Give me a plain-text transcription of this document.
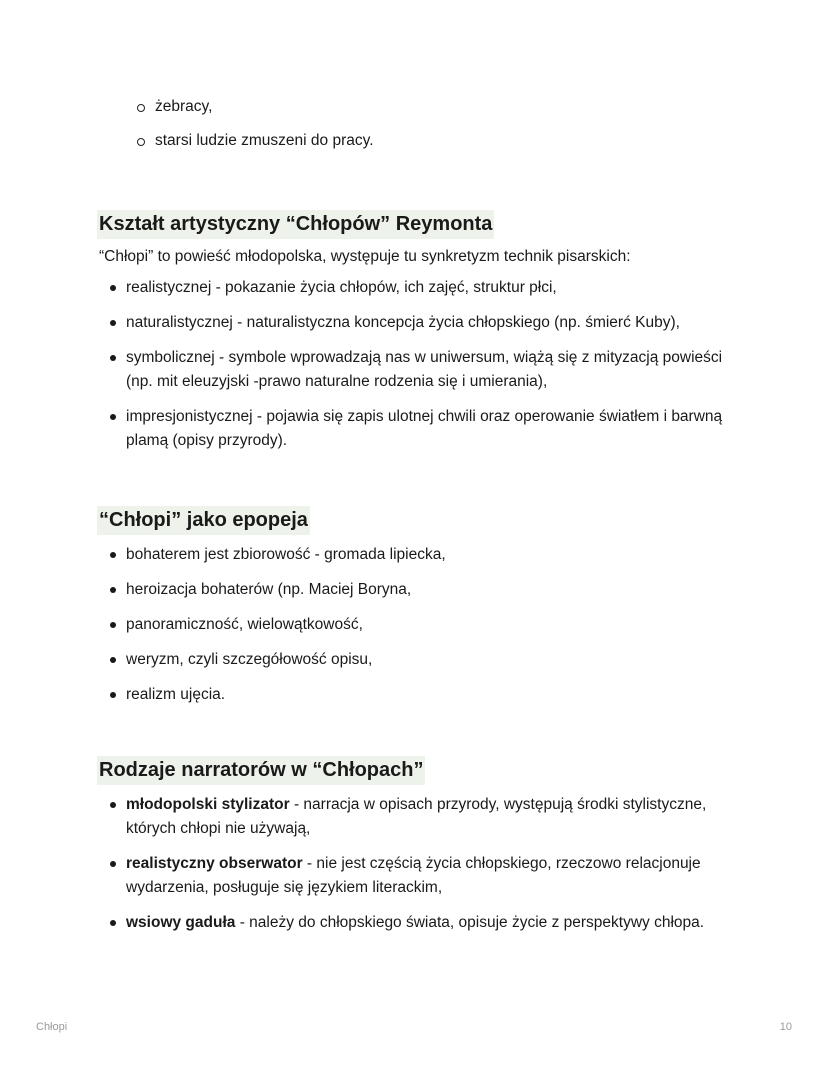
żebracy,
starsi ludzie zmuszeni do pracy.
Kształt artystyczny “Chłopów” Reymonta

“Chłopi” to powieść młodopolska, występuje tu synkretyzm technik pisarskich:

realistycznej - pokazanie życia chłopów, ich zajęć, struktur płci,
naturalistycznej - naturalistyczna koncepcja życia chłopskiego (np. śmierć Kuby),
symbolicznej - symbole wprowadzają nas w uniwersum, wiążą się z mityzacją powieści (np. mit eleuzyjski -prawo naturalne rodzenia się i umierania),
impresjonistycznej - pojawia się zapis ulotnej chwili oraz operowanie światłem i barwną plamą (opisy przyrody).
“Chłopi” jako epopeja
bohaterem jest zbiorowość - gromada lipiecka,
heroizacja bohaterów (np. Maciej Boryna,
panoramiczność, wielowątkowość,
weryzm, czyli szczegółowość opisu,
realizm ujęcia.
Rodzaje narratorów w “Chłopach”
młodopolski stylizator - narracja w opisach przyrody, występują środki stylistyczne, których chłopi nie używają,
realistyczny obserwator - nie jest częścią życia chłopskiego, rzeczowo relacjonuje wydarzenia, posługuje się językiem literackim,
wsiowy gaduła - należy do chłopskiego świata, opisuje życie z perspektywy chłopa.
Chłopi	10
